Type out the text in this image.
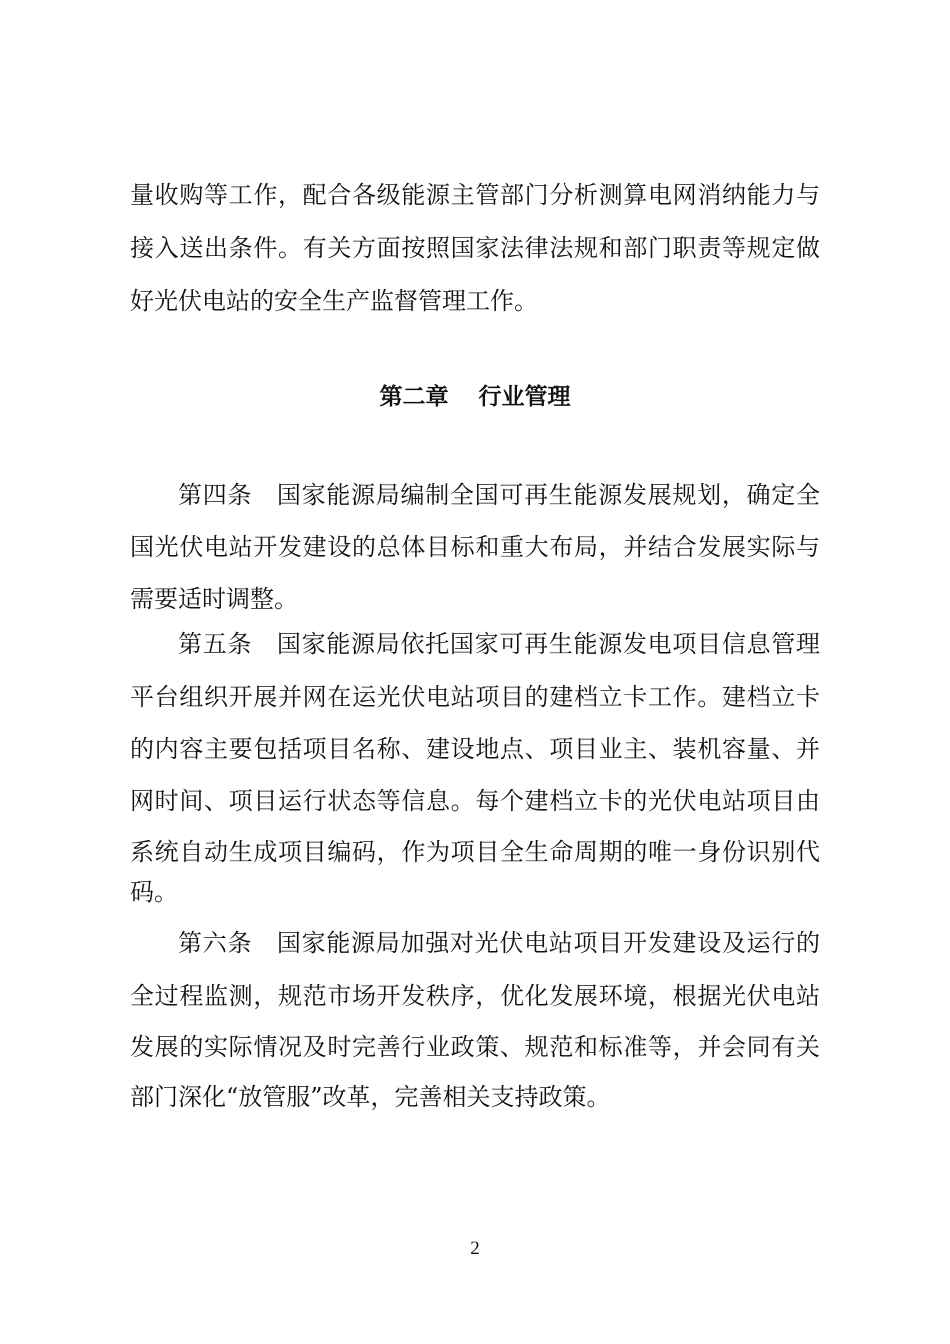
量收购等工作，配合各级能源主管部门分析测算电网消纳能力与
接入送出条件。有关方面按照国家法律法规和部门职责等规定做
好光伏电站的安全生产监督管理工作。
第二章 行业管理
第四条　国家能源局编制全国可再生能源发展规划，确定全
国光伏电站开发建设的总体目标和重大布局，并结合发展实际与
需要适时调整。
第五条　国家能源局依托国家可再生能源发电项目信息管理
平台组织开展并网在运光伏电站项目的建档立卡工作。建档立卡
的内容主要包括项目名称、建设地点、项目业主、装机容量、并
网时间、项目运行状态等信息。每个建档立卡的光伏电站项目由
系统自动生成项目编码，作为项目全生命周期的唯一身份识别代
码。
第六条　国家能源局加强对光伏电站项目开发建设及运行的
全过程监测，规范市场开发秩序，优化发展环境，根据光伏电站
发展的实际情况及时完善行业政策、规范和标准等，并会同有关
部门深化“放管服”改革，完善相关支持政策。
2
